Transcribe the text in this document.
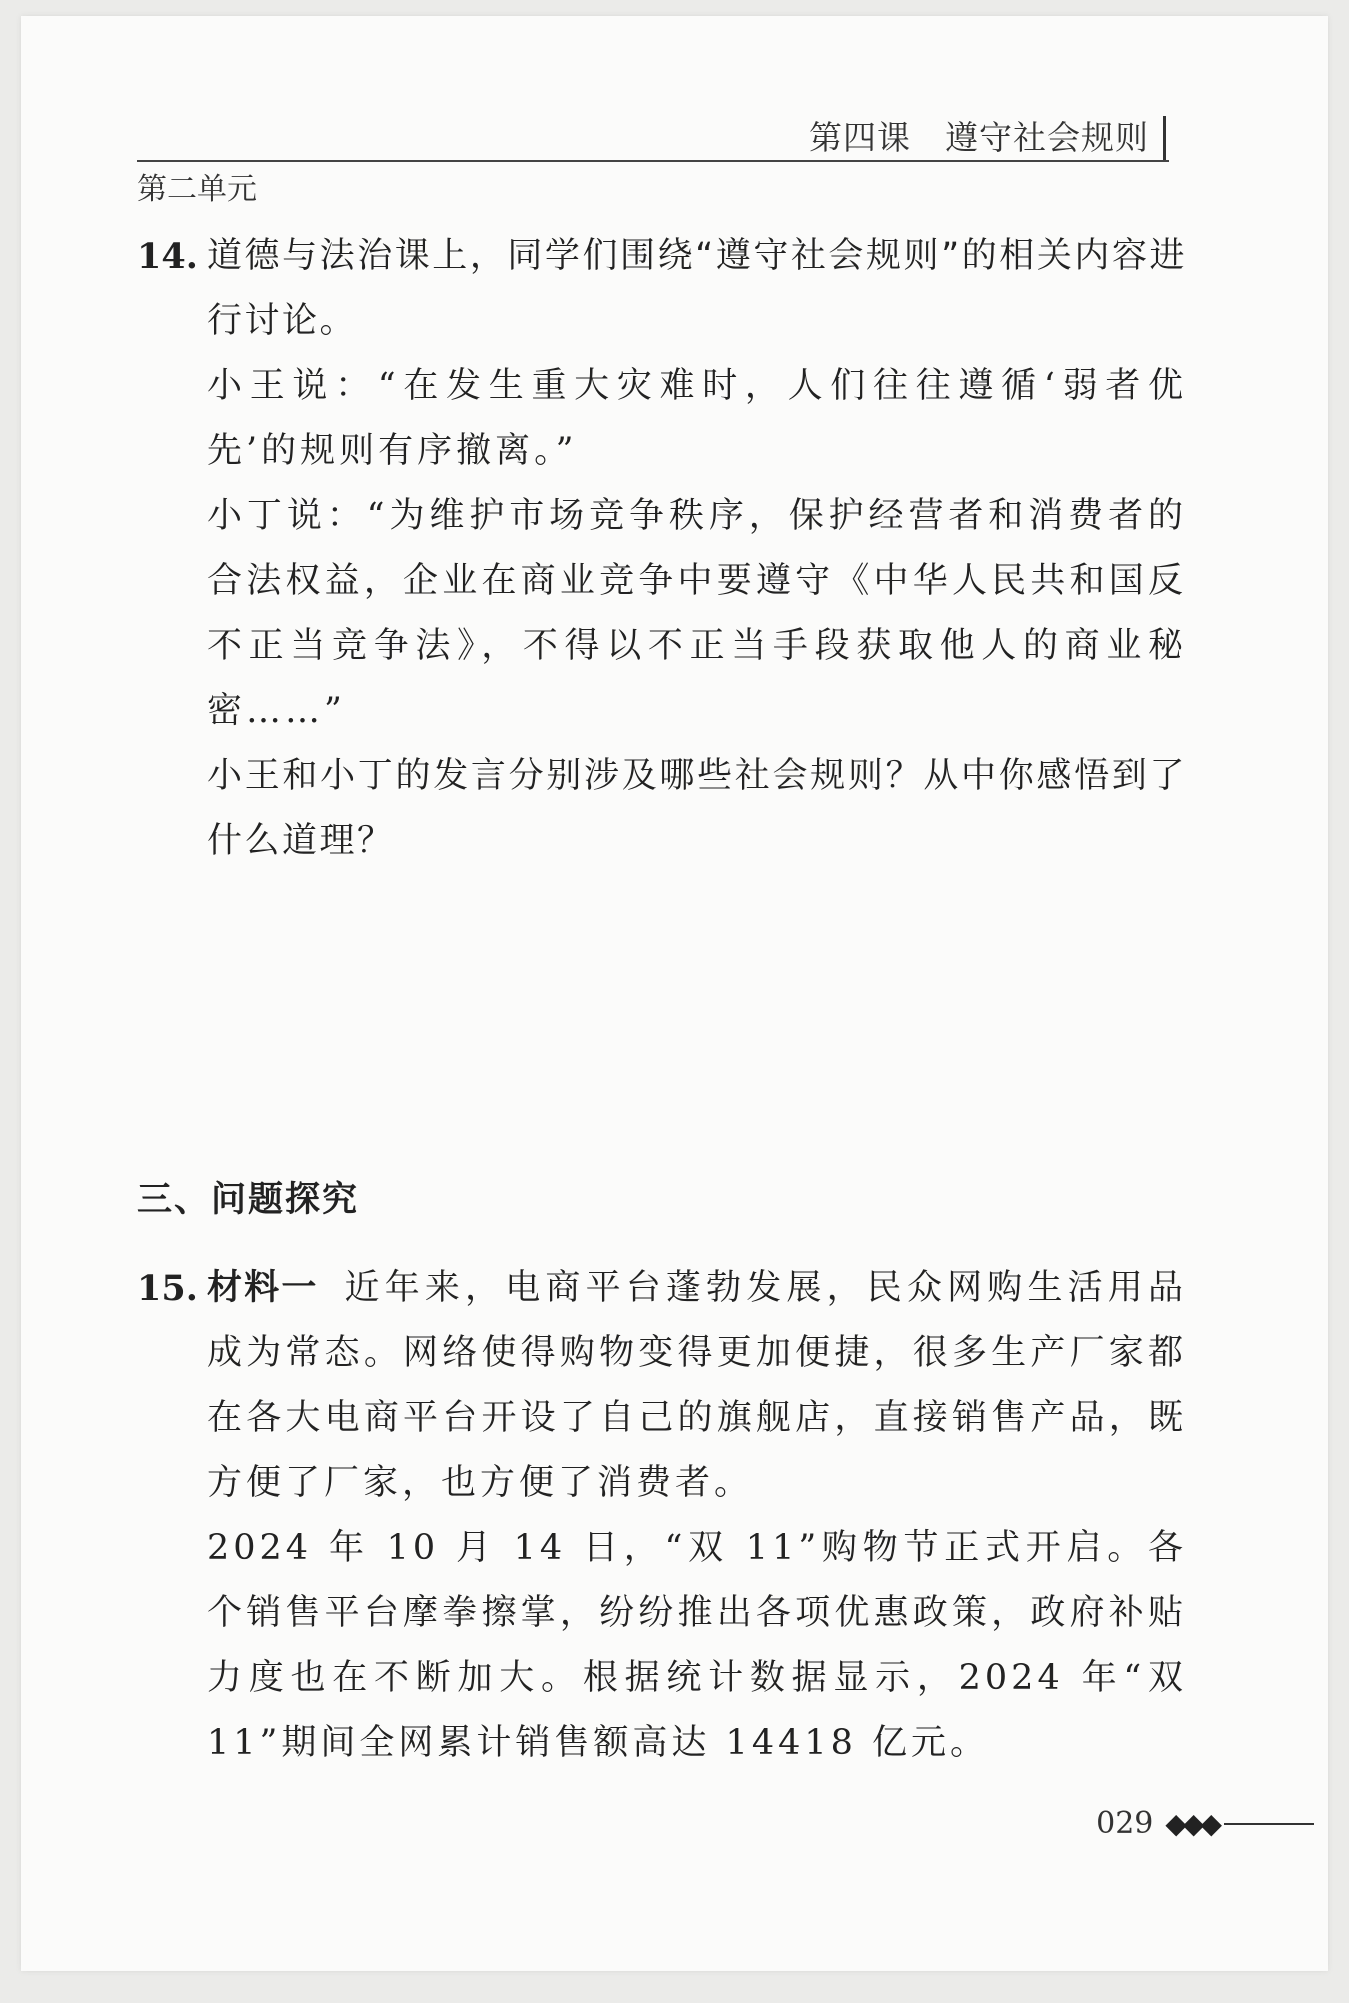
第四课　遵守社会规则
第二单元
14. 道德与法治课上，同学们围绕“遵守社会规则”的相关内容进行讨论。

小王说：“在发生重大灾难时，人们往往遵循‘弱者优先’的规则有序撤离。”

小丁说：“为维护市场竞争秩序，保护经营者和消费者的合法权益，企业在商业竞争中要遵守《中华人民共和国反不正当竞争法》，不得以不正当手段获取他人的商业秘密……”

小王和小丁的发言分别涉及哪些社会规则？从中你感悟到了什么道理？

三、问题探究
15. 材料一 近年来，电商平台蓬勃发展，民众网购生活用品成为常态。网络使得购物变得更加便捷，很多生产厂家都在各大电商平台开设了自己的旗舰店，直接销售产品，既方便了厂家，也方便了消费者。

2024 年 10 月 14 日，“双 11”购物节正式开启。各个销售平台摩拳擦掌，纷纷推出各项优惠政策，政府补贴力度也在不断加大。根据统计数据显示，2024 年“双 11”期间全网累计销售额高达 14418 亿元。

029 ◆◆◆
